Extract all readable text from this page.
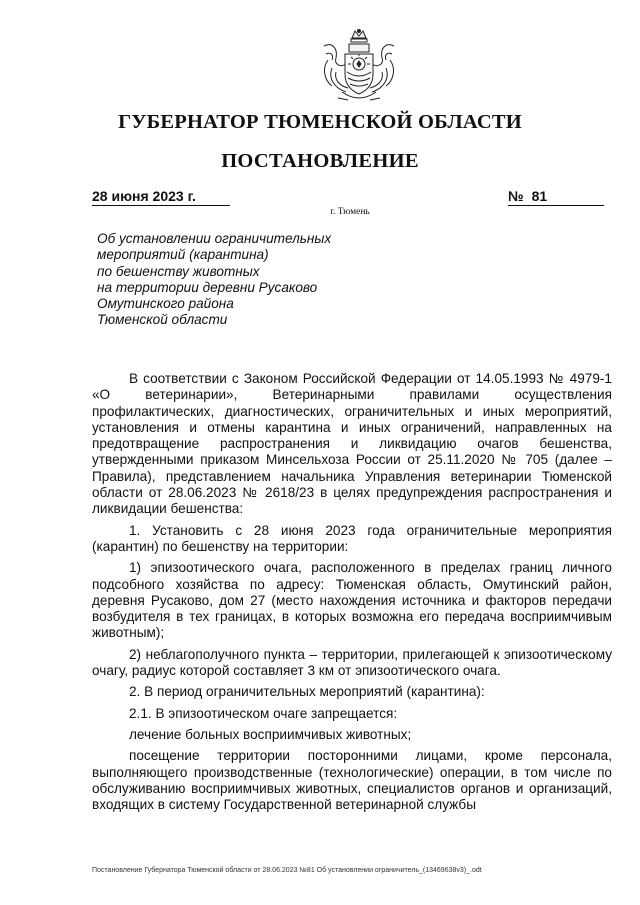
ГУБЕРНАТОР ТЮМЕНСКОЙ ОБЛАСТИ
ПОСТАНОВЛЕНИЕ
28 июня 2023 г.	№ 81
г. Тюмень
Об установлении ограничительных
мероприятий (карантина)
по бешенству животных
на территории деревни Русаково
Омутинского района
Тюменской области

В соответствии с Законом Российской Федерации от 14.05.1993 № 4979-1 «О ветеринарии», Ветеринарными правилами осуществления профилактических, диагностических, ограничительных и иных мероприятий, установления и отмены карантина и иных ограничений, направленных на предотвращение распространения и ликвидацию очагов бешенства, утвержденными приказом Минсельхоза России от 25.11.2020 № 705 (далее – Правила), представлением начальника Управления ветеринарии Тюменской области от 28.06.2023 № 2618/23 в целях предупреждения распространения и ликвидации бешенства:

1. Установить с 28 июня 2023 года ограничительные мероприятия (карантин) по бешенству на территории:

1) эпизоотического очага, расположенного в пределах границ личного подсобного хозяйства по адресу: Тюменская область, Омутинский район, деревня Русаково, дом 27 (место нахождения источника и факторов передачи возбудителя в тех границах, в которых возможна его передача восприимчивым животным);

2) неблагополучного пункта – территории, прилегающей к эпизоотическому очагу, радиус которой составляет 3 км от эпизоотического очага.

2. В период ограничительных мероприятий (карантина):

2.1. В эпизоотическом очаге запрещается:

лечение больных восприимчивых животных;

посещение территории посторонними лицами, кроме персонала, выполняющего производственные (технологические) операции, в том числе по обслуживанию восприимчивых животных, специалистов органов и организаций, входящих в систему Государственной ветеринарной службы

Постановление Губернатора Тюменской области от 28.06.2023 №81 Об установлении ограничитель_(13469638v3)_.odt
